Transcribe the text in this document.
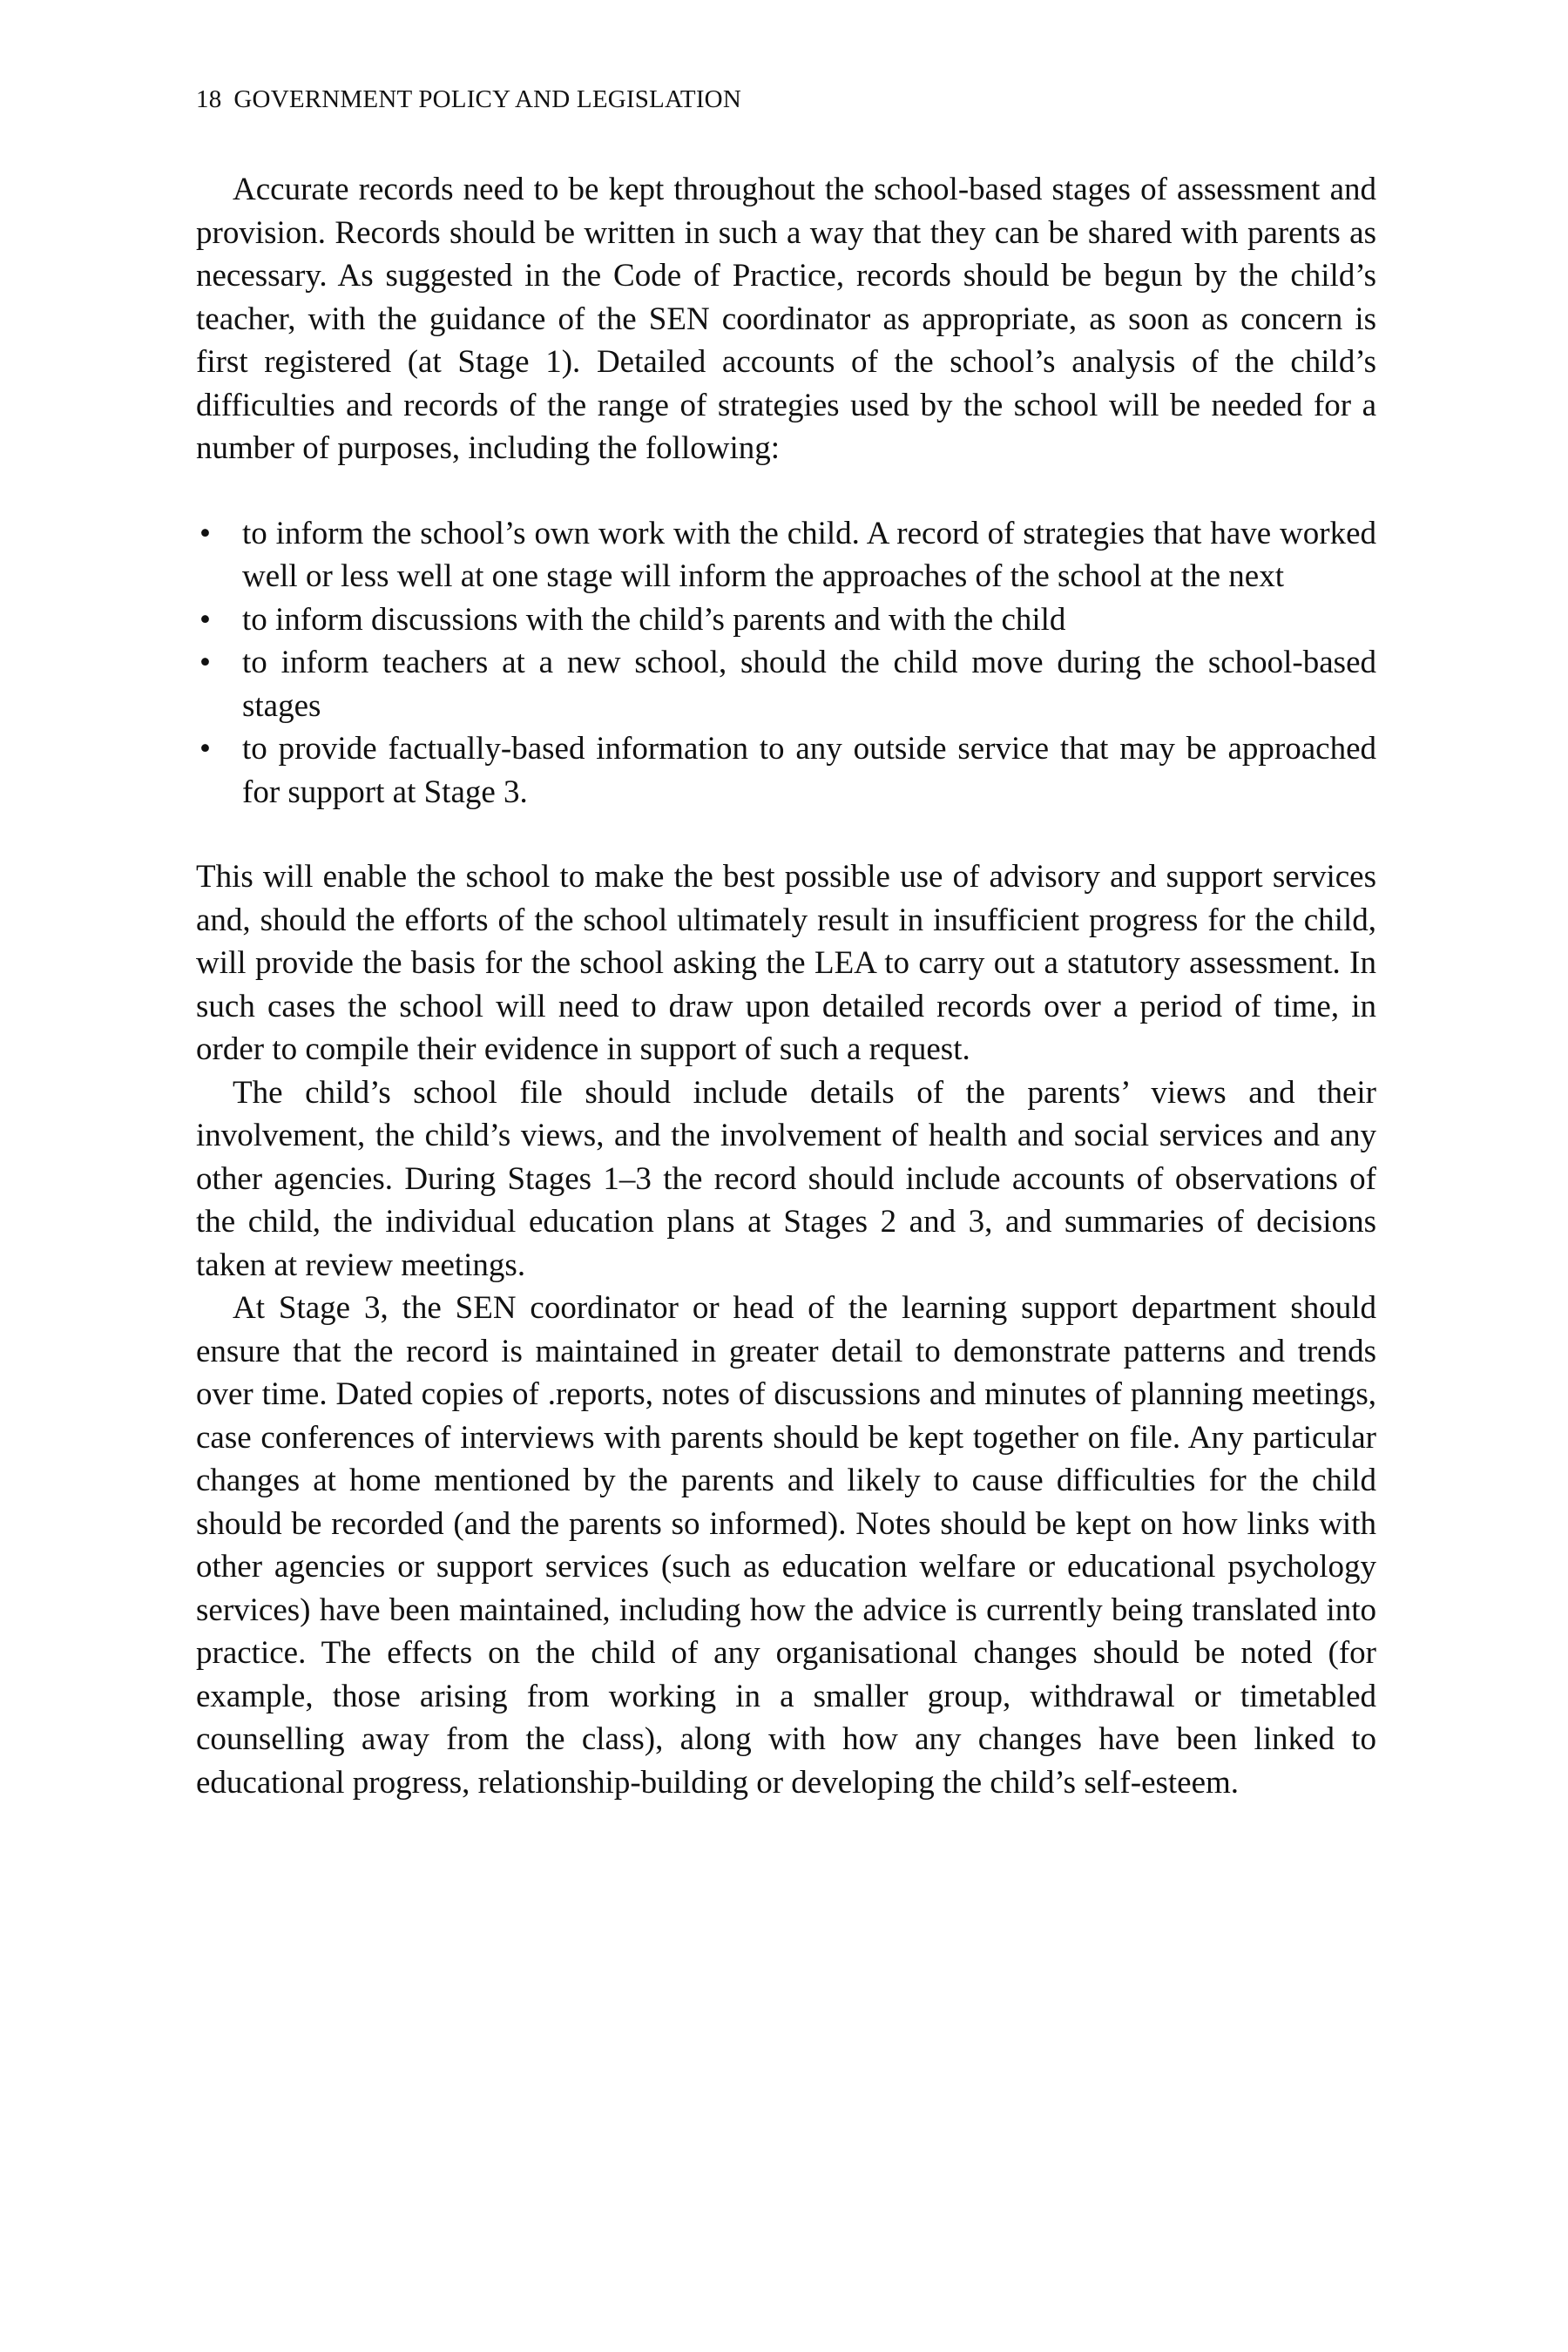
18 GOVERNMENT POLICY AND LEGISLATION

Accurate records need to be kept throughout the school-based stages of assessment and provision. Records should be written in such a way that they can be shared with parents as necessary. As suggested in the Code of Practice, records should be begun by the child’s teacher, with the guidance of the SEN coordinator as appropriate, as soon as concern is first registered (at Stage 1). Detailed accounts of the school’s analysis of the child’s difficulties and records of the range of strategies used by the school will be needed for a number of purposes, including the following:

• to inform the school’s own work with the child. A record of strategies that have worked well or less well at one stage will inform the approaches of the school at the next
• to inform discussions with the child’s parents and with the child
• to inform teachers at a new school, should the child move during the school-based stages
• to provide factually-based information to any outside service that may be approached for support at Stage 3.

This will enable the school to make the best possible use of advisory and support services and, should the efforts of the school ultimately result in insufficient progress for the child, will provide the basis for the school asking the LEA to carry out a statutory assessment. In such cases the school will need to draw upon detailed records over a period of time, in order to compile their evidence in support of such a request.

The child’s school file should include details of the parents’ views and their involvement, the child’s views, and the involvement of health and social services and any other agencies. During Stages 1–3 the record should include accounts of observations of the child, the individual education plans at Stages 2 and 3, and summaries of decisions taken at review meetings.

At Stage 3, the SEN coordinator or head of the learning support department should ensure that the record is maintained in greater detail to demonstrate patterns and trends over time. Dated copies of .reports, notes of discussions and minutes of planning meetings, case conferences of interviews with parents should be kept together on file. Any particular changes at home mentioned by the parents and likely to cause difficulties for the child should be recorded (and the parents so informed). Notes should be kept on how links with other agencies or support services (such as education welfare or educational psychology services) have been maintained, including how the advice is currently being translated into practice. The effects on the child of any organisational changes should be noted (for example, those arising from working in a smaller group, withdrawal or timetabled counselling away from the class), along with how any changes have been linked to educational progress, relationship-building or developing the child’s self-esteem.
